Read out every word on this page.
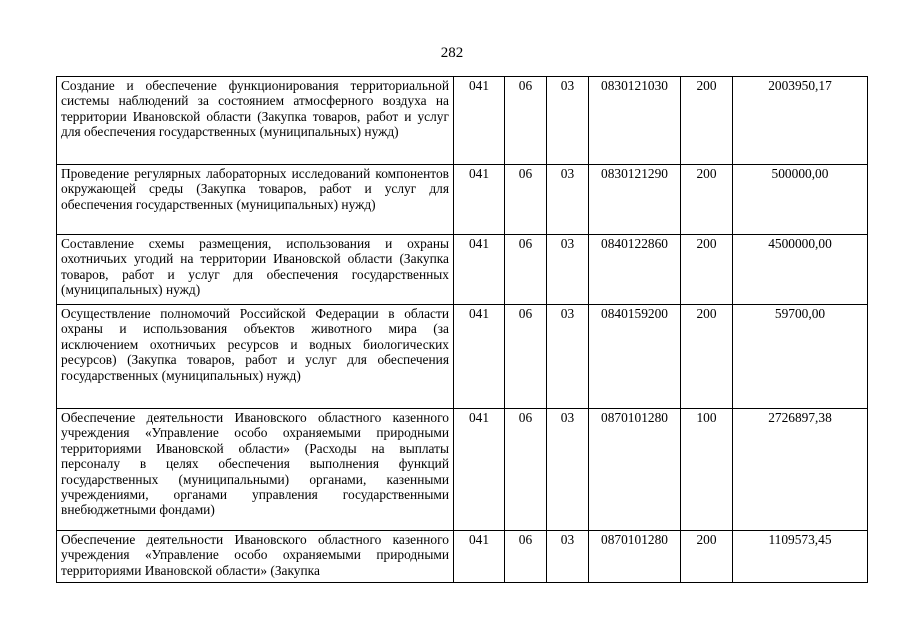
282
Создание и обеспечение функционирования территориальной системы наблюдений за состоянием атмосферного воздуха на территории Ивановской области (Закупка товаров, работ и услуг для обеспечения государственных (муниципальных) нужд)	041	06	03	0830121030	200	2003950,17
Проведение регулярных лабораторных исследований компонентов окружающей среды (Закупка товаров, работ и услуг для обеспечения государственных (муниципальных) нужд)	041	06	03	0830121290	200	500000,00
Составление схемы размещения, использования и охраны охотничьих угодий на территории Ивановской области (Закупка товаров, работ и услуг для обеспечения государственных (муниципальных) нужд)	041	06	03	0840122860	200	4500000,00
Осуществление полномочий Российской Федерации в области охраны и использования объектов животного мира (за исключением охотничьих ресурсов и водных биологических ресурсов) (Закупка товаров, работ и услуг для обеспечения государственных (муниципальных) нужд)	041	06	03	0840159200	200	59700,00
Обеспечение деятельности Ивановского областного казенного учреждения «Управление особо охраняемыми природными территориями Ивановской области» (Расходы на выплаты персоналу в целях обеспечения выполнения функций государственных (муниципальными) органами, казенными учреждениями, органами управления государственными внебюджетными фондами)	041	06	03	0870101280	100	2726897,38
Обеспечение деятельности Ивановского областного казенного учреждения «Управление особо охраняемыми природными территориями Ивановской области» (Закупка	041	06	03	0870101280	200	1109573,45
